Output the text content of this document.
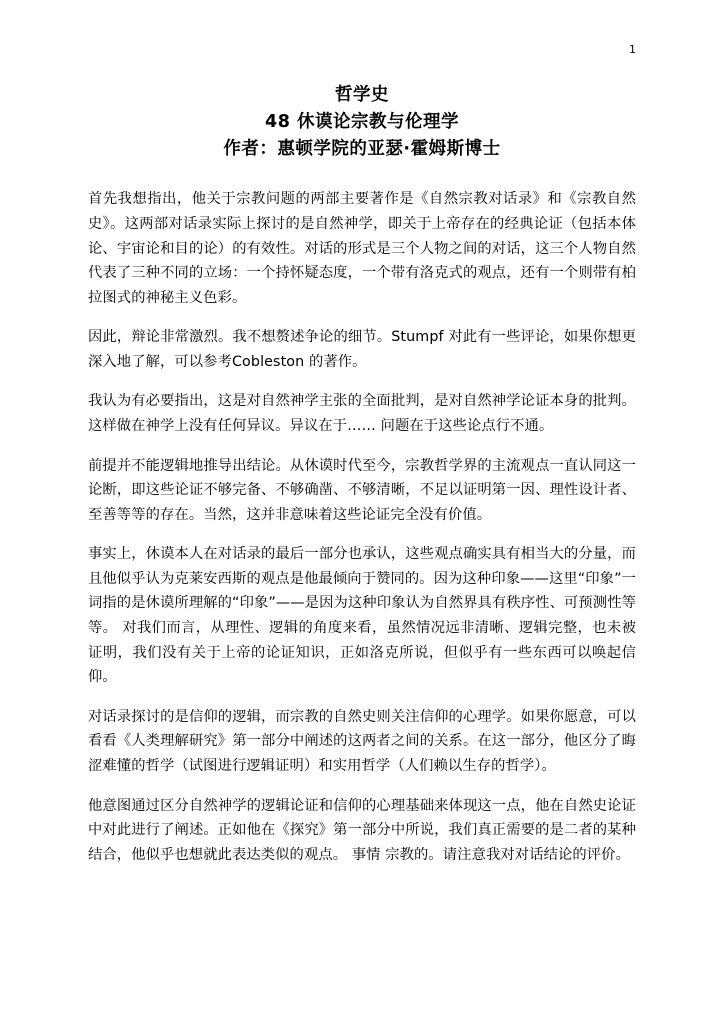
1
哲学史
48 休谟论宗教与伦理学
作者：惠顿学院的亚瑟·霍姆斯博士

首先我想指出，他关于宗教问题的两部主要著作是《自然宗教对话录》和《宗教自然史》。这两部对话录实际上探讨的是自然神学，即关于上帝存在的经典论证（包括本体论、宇宙论和目的论）的有效性。对话的形式是三个人物之间的对话，这三个人物自然代表了三种不同的立场：一个持怀疑态度，一个带有洛克式的观点，还有一个则带有柏拉图式的神秘主义色彩。

因此，辩论非常激烈。我不想赘述争论的细节。Stumpf 对此有一些评论，如果你想更深入地了解，可以参考Cobleston 的著作。

我认为有必要指出，这是对自然神学主张的全面批判，是对自然神学论证本身的批判。这样做在神学上没有任何异议。异议在于…… 问题在于这些论点行不通。

前提并不能逻辑地推导出结论。从休谟时代至今，宗教哲学界的主流观点一直认同这一论断，即这些论证不够完备、不够确凿、不够清晰，不足以证明第一因、理性设计者、至善等等的存在。当然，这并非意味着这些论证完全没有价值。

事实上，休谟本人在对话录的最后一部分也承认，这些观点确实具有相当大的分量，而且他似乎认为克莱安西斯的观点是他最倾向于赞同的。因为这种印象——这里“印象”一词指的是休谟所理解的“印象”——是因为这种印象认为自然界具有秩序性、可预测性等等。 对我们而言，从理性、逻辑的角度来看，虽然情况远非清晰、逻辑完整，也未被证明，我们没有关于上帝的论证知识，正如洛克所说，但似乎有一些东西可以唤起信仰。

对话录探讨的是信仰的逻辑，而宗教的自然史则关注信仰的心理学。如果你愿意，可以看看《人类理解研究》第一部分中阐述的这两者之间的关系。在这一部分，他区分了晦涩难懂的哲学（试图进行逻辑证明）和实用哲学（人们赖以生存的哲学）。

他意图通过区分自然神学的逻辑论证和信仰的心理基础来体现这一点，他在自然史论证中对此进行了阐述。正如他在《探究》第一部分中所说，我们真正需要的是二者的某种结合，他似乎也想就此表达类似的观点。 事情 宗教的。请注意我对对话结论的评价。
